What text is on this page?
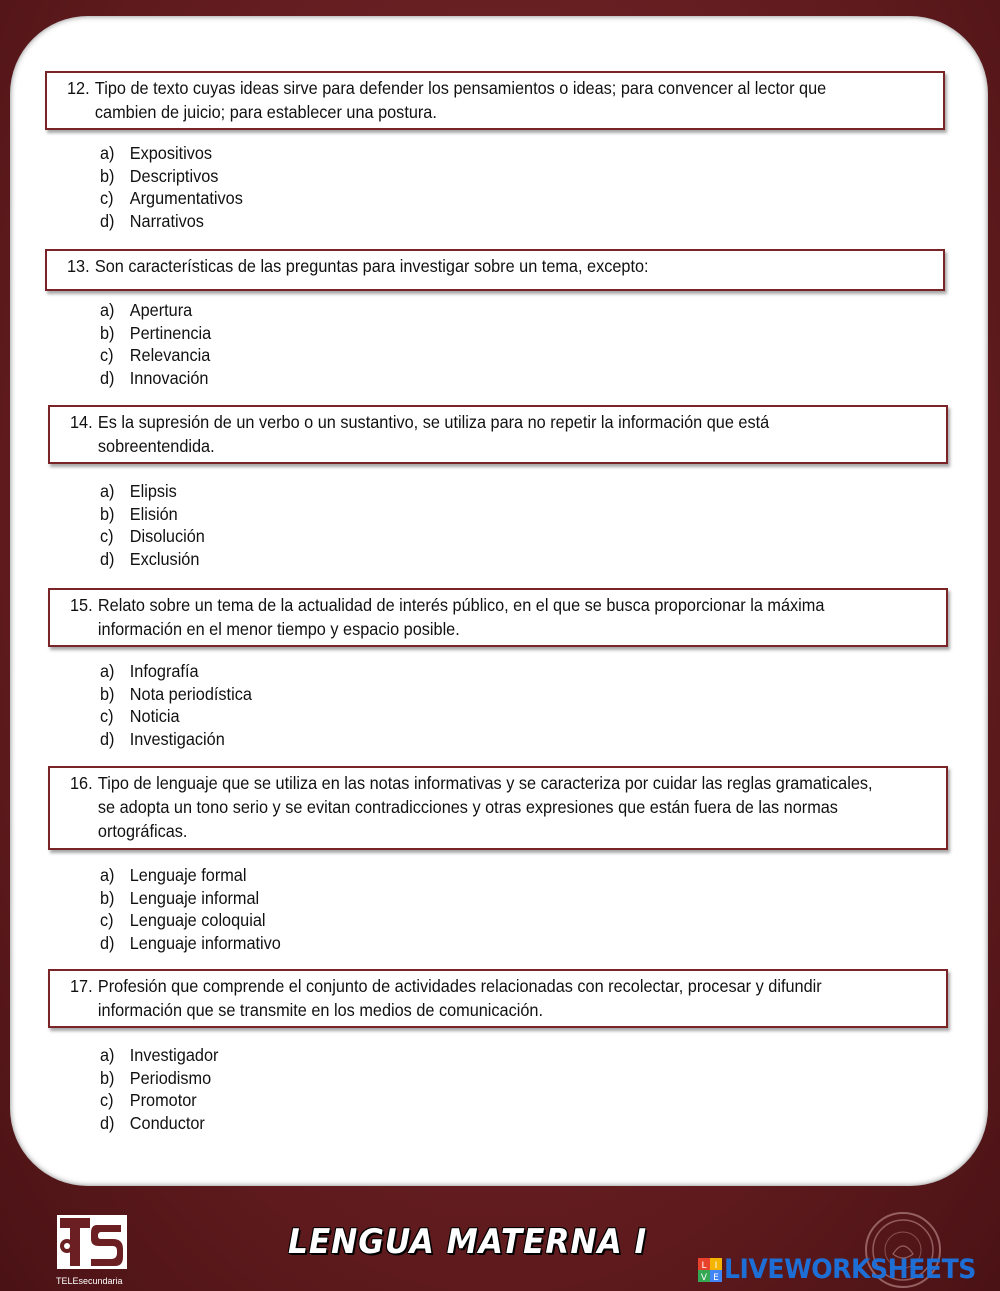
12. Tipo de texto cuyas ideas sirve para defender los pensamientos o ideas; para convencer al lector que
cambien de juicio; para establecer una postura.
a) Expositivos
b) Descriptivos
c) Argumentativos
d) Narrativos
13. Son características de las preguntas para investigar sobre un tema, excepto:
a) Apertura
b) Pertinencia
c) Relevancia
d) Innovación
14. Es la supresión de un verbo o un sustantivo, se utiliza para no repetir la información que está
sobreentendida.
a) Elipsis
b) Elisión
c) Disolución
d) Exclusión
15. Relato sobre un tema de la actualidad de interés público, en el que se busca proporcionar la máxima
información en el menor tiempo y espacio posible.
a) Infografía
b) Nota periodística
c) Noticia
d) Investigación
16. Tipo de lenguaje que se utiliza en las notas informativas y se caracteriza por cuidar las reglas gramaticales,
se adopta un tono serio y se evitan contradicciones y otras expresiones que están fuera de las normas
ortográficas.
a) Lenguaje formal
b) Lenguaje informal
c) Lenguaje coloquial
d) Lenguaje informativo
17. Profesión que comprende el conjunto de actividades relacionadas con recolectar, procesar y difundir
información que se transmite en los medios de comunicación.
a) Investigador
b) Periodismo
c) Promotor
d) Conductor
TELEsecundaria
LENGUA MATERNA I
L I
V E LIVEWORKSHEETS
